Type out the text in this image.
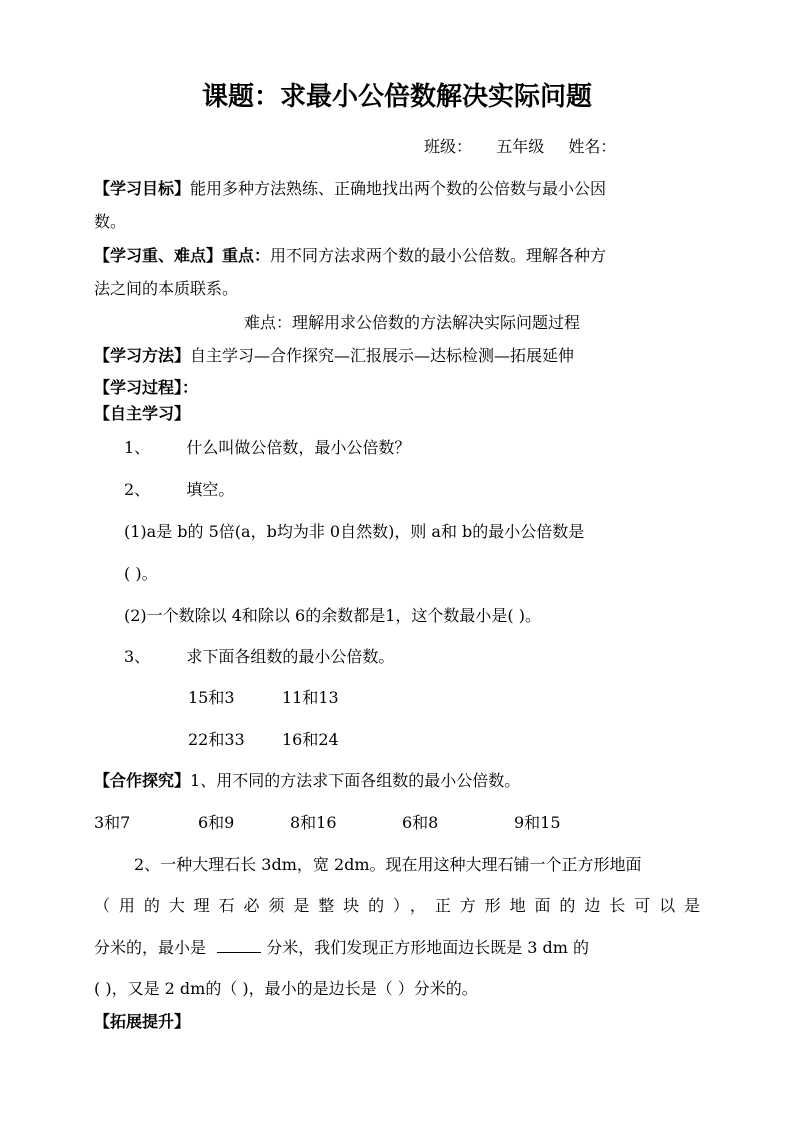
课题：求最小公倍数解决实际问题
班级： 五年级 姓名：
【学习目标】能用多种方法熟练、正确地找出两个数的公倍数与最小公因
数。
【学习重、难点】重点：用不同方法求两个数的最小公倍数。理解各种方
法之间的本质联系。
难点：理解用求公倍数的方法解决实际问题过程
【学习方法】自主学习—合作探究—汇报展示—达标检测—拓展延伸
【学习过程】：
【自主学习】
1、 什么叫做公倍数，最小公倍数？
2、 填空。
(1)a是 b的 5倍(a，b均为非 0自然数)，则 a和 b的最小公倍数是
( )。
(2)一个数除以 4和除以 6的余数都是1，这个数最小是( )。
3、 求下面各组数的最小公倍数。
15和3	11和13
22和33 16和24
【合作探究】1、用不同的方法求下面各组数的最小公倍数。
3和7	6和9	8和16	6和8	9和15
2、一种大理石长 3dm，宽 2dm。现在用这种大理石铺一个正方形地面
（用的大理石必须是整块的），正方形地面的边长可以是
分米的，最小是	分米，我们发现正方形地面边长既是 3 dm 的
( )，又是 2 dm的（ )，最小的是边长是（ ）分米的。
【拓展提升】
